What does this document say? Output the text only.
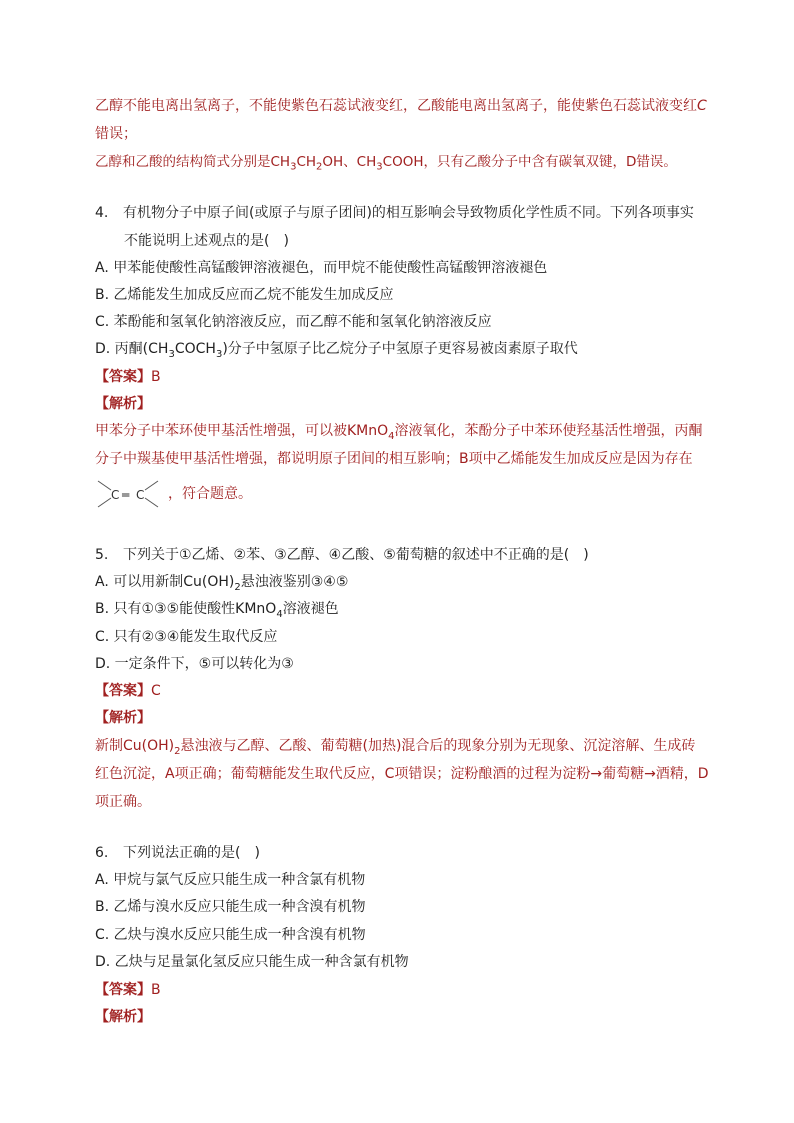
乙醇不能电离出氢离子，不能使紫色石蕊试液变红，乙酸能电离出氢离子，能使紫色石蕊试液变红C
错误；
乙醇和乙酸的结构简式分别是$CH_3CH_2OH$、$CH_3COOH$，只有乙酸分子中含有碳氧双键，D错误。
4. 有机物分子中原子间(或原子与原子团间)的相互影响会导致物质化学性质不同。下列各项事实
不能说明上述观点的是(　)
A. 甲苯能使酸性高锰酸钾溶液褪色，而甲烷不能使酸性高锰酸钾溶液褪色
B. 乙烯能发生加成反应而乙烷不能发生加成反应
C. 苯酚能和氢氧化钠溶液反应，而乙醇不能和氢氧化钠溶液反应
D. 丙酮$(CH_3COCH_3)$分子中氢原子比乙烷分子中氢原子更容易被卤素原子取代
【答案】B
【解析】
甲苯分子中苯环使甲基活性增强，可以被KMnO$_4$溶液氧化，苯酚分子中苯环使羟基活性增强，丙酮
分子中羰基使甲基活性增强，都说明原子团间的相互影响；B项中乙烯能发生加成反应是因为存在
C ═ C ，符合题意。
5. 下列关于①乙烯、②苯、③乙醇、④乙酸、⑤葡萄糖的叙述中不正确的是(　)
A. 可以用新制$Cu(OH)_2$悬浊液鉴别③④⑤
B. 只有①③⑤能使酸性KMnO$_4$溶液褪色
C. 只有②③④能发生取代反应
D. 一定条件下，⑤可以转化为③
【答案】C
【解析】
新制$Cu(OH)_2$悬浊液与乙醇、乙酸、葡萄糖(加热)混合后的现象分别为无现象、沉淀溶解、生成砖
红色沉淀，A项正确；葡萄糖能发生取代反应，C项错误；淀粉酿酒的过程为淀粉→葡萄糖→酒精，D
项正确。
6. 下列说法正确的是(　)
A. 甲烷与氯气反应只能生成一种含氯有机物
B. 乙烯与溴水反应只能生成一种含溴有机物
C. 乙炔与溴水反应只能生成一种含溴有机物
D. 乙炔与足量氯化氢反应只能生成一种含氯有机物
【答案】B
【解析】
